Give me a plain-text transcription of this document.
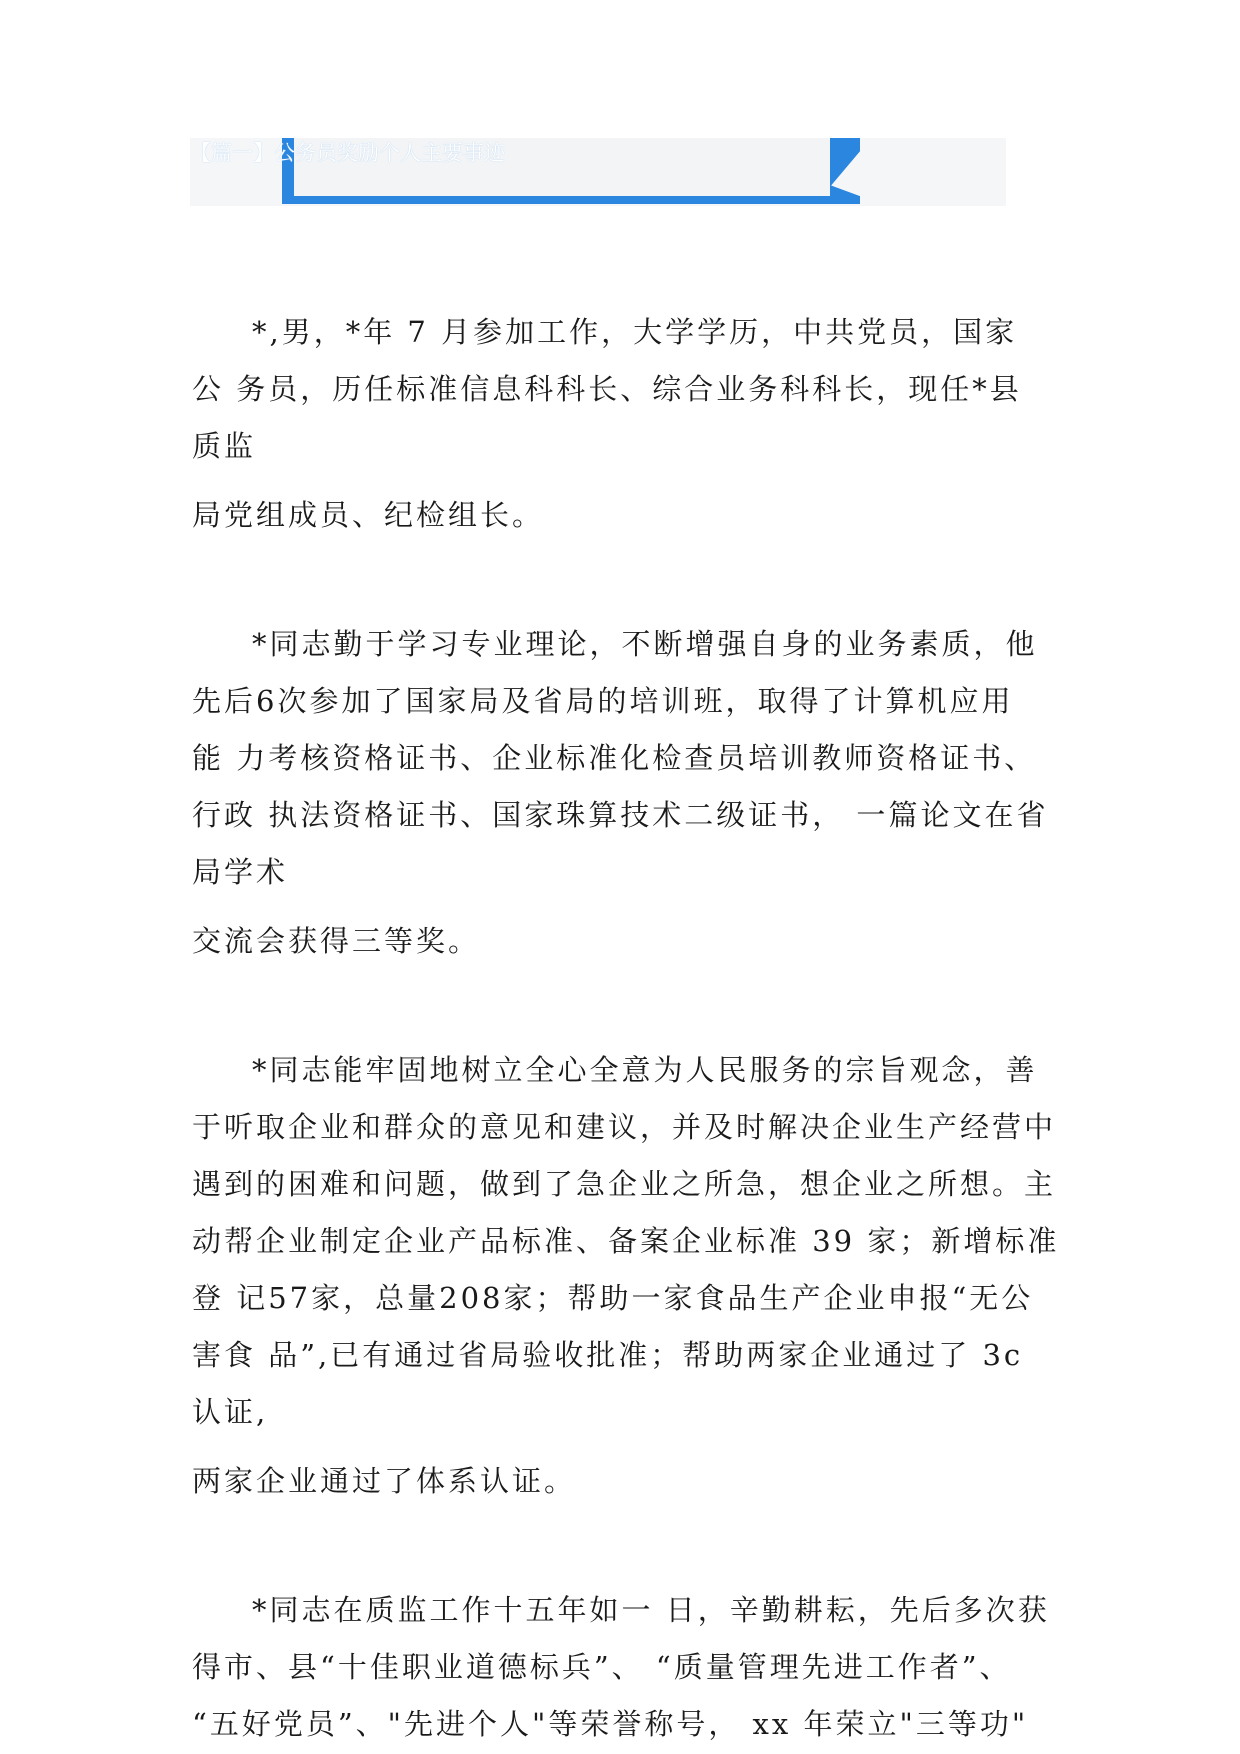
【篇一】公务员奖励个人主要事迹

*,男，*年 7 月参加工作，大学学历，中共党员，国家

公 务员，历任标准信息科科长、综合业务科科长，现任*县

质监

局党组成员、纪检组长。

*同志勤于学习专业理论，不断增强自身的业务素质，他

先后6次参加了国家局及省局的培训班，取得了计算机应用

能 力考核资格证书、企业标准化检查员培训教师资格证书、

行政 执法资格证书、国家珠算技术二级证书， 一篇论文在省

局学术

交流会获得三等奖。

*同志能牢固地树立全心全意为人民服务的宗旨观念，善

于听取企业和群众的意见和建议，并及时解决企业生产经营中

遇到的困难和问题，做到了急企业之所急，想企业之所想。主

动帮企业制定企业产品标准、备案企业标准 39 家；新增标准

登 记57家，总量208家；帮助一家食品生产企业申报“无公

害食 品”,已有通过省局验收批准；帮助两家企业通过了 3c

认证,

两家企业通过了体系认证。

*同志在质监工作十五年如一 日，辛勤耕耘，先后多次获

得市、县“十佳职业道德标兵”、 “质量管理先进工作者”、

“五好党员”、"先进个人"等荣誉称号， xx 年荣立"三等功"
